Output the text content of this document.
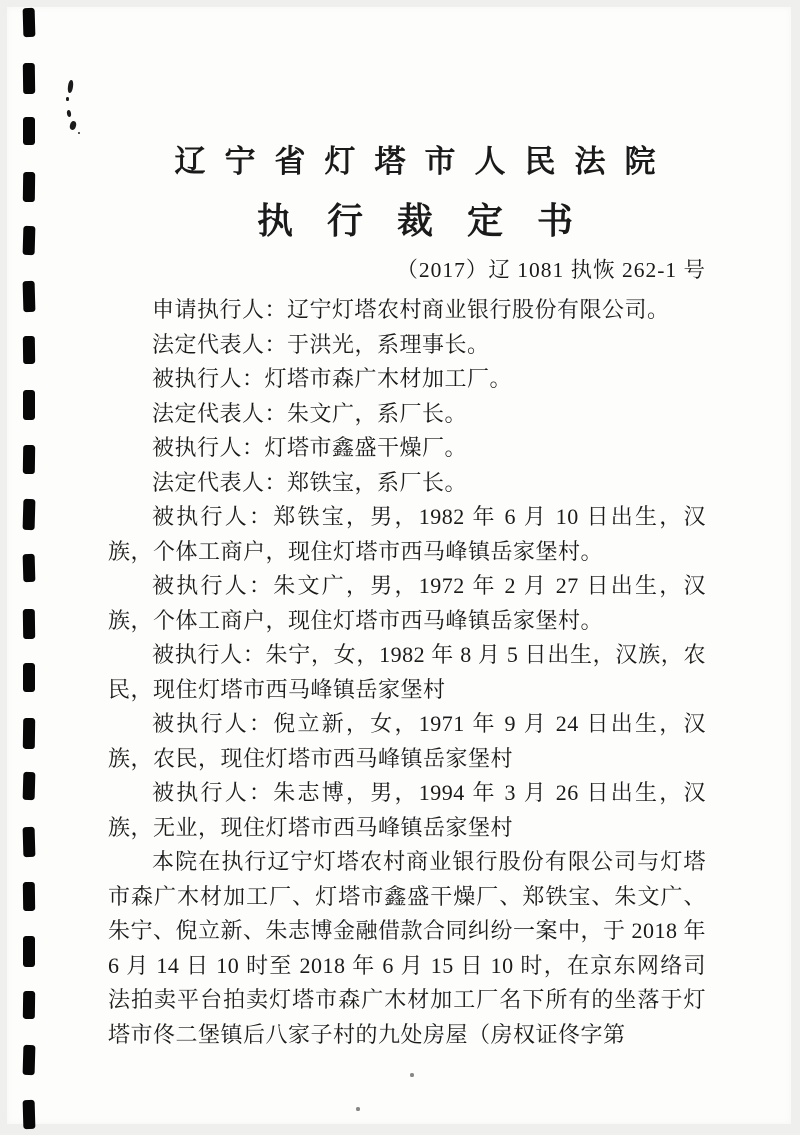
辽宁省灯塔市人民法院
执行裁定书
（2017）辽 1081 执恢 262-1 号

申请执行人：辽宁灯塔农村商业银行股份有限公司。

法定代表人：于洪光，系理事长。

被执行人：灯塔市森广木材加工厂。

法定代表人：朱文广，系厂长。

被执行人：灯塔市鑫盛干燥厂。

法定代表人：郑铁宝，系厂长。

被执行人：郑铁宝，男，1982 年 6 月 10 日出生，汉族，个体工商户，现住灯塔市西马峰镇岳家堡村。

被执行人：朱文广，男，1972 年 2 月 27 日出生，汉族，个体工商户，现住灯塔市西马峰镇岳家堡村。

被执行人：朱宁，女，1982 年 8 月 5 日出生，汉族，农民，现住灯塔市西马峰镇岳家堡村

被执行人：倪立新，女，1971 年 9 月 24 日出生，汉族，农民，现住灯塔市西马峰镇岳家堡村

被执行人：朱志博，男，1994 年 3 月 26 日出生，汉族，无业，现住灯塔市西马峰镇岳家堡村

本院在执行辽宁灯塔农村商业银行股份有限公司与灯塔市森广木材加工厂、灯塔市鑫盛干燥厂、郑铁宝、朱文广、朱宁、倪立新、朱志博金融借款合同纠纷一案中，于 2018 年 6 月 14 日 10 时至 2018 年 6 月 15 日 10 时，在京东网络司法拍卖平台拍卖灯塔市森广木材加工厂名下所有的坐落于灯塔市佟二堡镇后八家子村的九处房屋（房权证佟字第
